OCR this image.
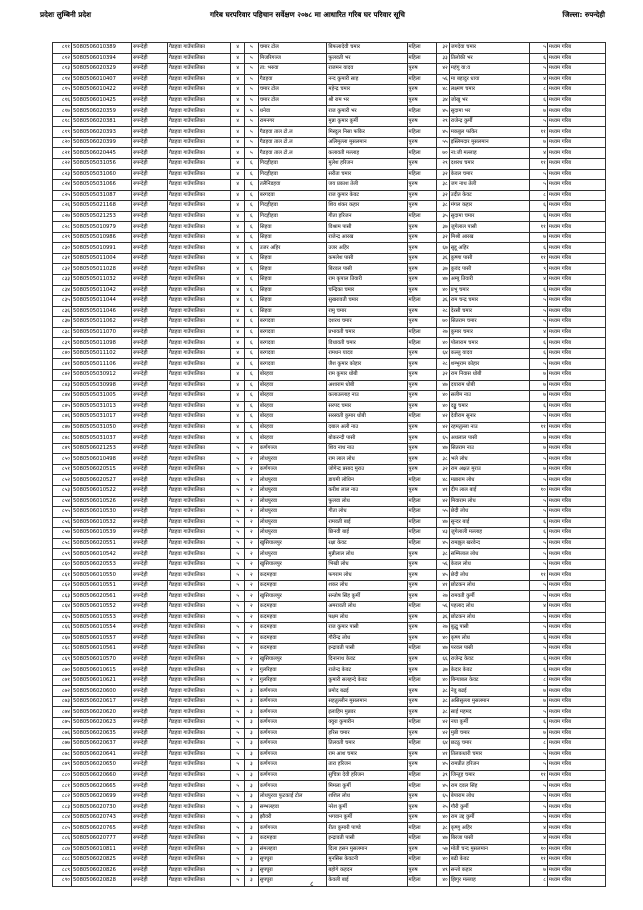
प्रदेशः लुम्बिनी प्रदेश	गरिब घरपरिवार पहिचान सर्वेक्षण २०७८ मा आधारित गरिब घर परिवार सूचि	जिल्ला: रुपन्देही
८११	5080506010389	रुपन्देही	गैडहवा गाउँपालिका	४	५	चमार टोल	बिफलादेवी चमार	महिला	३२	जगदेवा चमार	५	मध्यम गरिब
८१२	5080506010394	रुपन्देही	गैडहवा गाउँपालिका	४	५	मिजरिगञ्ज	फुलवती भर	महिला	३३	तिलोकी भर	६	मध्यम गरिब
८१३	5080506020329	रुपन्देही	गैडहवा गाउँपालिका	४	५	ता: भरुवा	राजमन यादव	पुरुष	४२	महंगु या:व	५	मध्यम गरिब
८१४	5080506010407	रुपन्देही	गैडहवा गाउँपालिका	४	५	गैडहवा	नन्द कुमारी साह	महिला	५६	मा बहादुर धाया	४	मध्यम गरिब
८१५	5080506010422	रुपन्देही	गैडहवा गाउँपालिका	४	५	चमार टोल	महेन्द्र चमार	पुरुष	४८	लक्ष्मण चमार	८	मध्यम गरिब
८१६	5080506010425	रुपन्देही	गैडहवा गाउँपालिका	४	५	चमार टोल	श्री राम भर	पुरुष	३४	जोखु भर	६	मध्यम गरिब
८१७	5080506020359	रुपन्देही	गैडहवा गाउँपालिका	४	५	धनेवा	राज कुमारी भर	महिला	४५	सुदामा भर	७	मध्यम गरिब
८१८	5080506020381	रुपन्देही	गैडहवा गाउँपालिका	४	५	रामनगर	मुन्ना कुमार कुर्मी	पुरुष	२९	राजेन्द्र कुर्मी	५	मध्यम गरिब
८१९	5080506020393	रुपन्देही	गैडहवा गाउँपालिका	४	५	गैडहवा ताल टो.ल	मिस्दुल निसा फकिर	महिला	४५	मकबुल फकिर	११	मध्यम गरिब
८२०	5080506020399	रुपन्देही	गैडहवा गाउँपालिका	४	५	गैडहवा ताल टो.ल	अलिमुल्ला मुसलमान	पुरुष	५५	इस्लिमदार मुसलमान	७	मध्यम गरिब
८२१	5080506020445	रुपन्देही	गैडहवा गाउँपालिका	४	५	गैडहवा ताल टो.ल	कलावती मल्लाह	महिला	७०	ना:जी मल्लाह	४	मध्यम गरिब
८२२	5080505031056	रुपन्देही	गैडहवा गाउँपालिका	४	६	गिदहीहवा	मुलेश हरिजन	पुरुष	२९	दशरथ चमार	११	मध्यम गरिब
८२३	5080505031060	रुपन्देही	गैडहवा गाउँपालिका	४	६	गिदहीहवा	सरीता चमार	महिला	३२	केवल चमार	५	मध्यम गरिब
८२४	5080505031066	रुपन्देही	गैडहवा गाउँपालिका	४	६	तलैनिडहवा	जय प्रकाश तेली	पुरुष	३८	जग नाथ तेली	५	मध्यम गरिब
८२५	5080505031087	रुपन्देही	गैडहवा गाउँपालिका	४	६	बरगदवा	राज कुमार केवट	पुरुष	३२	उदीत केवट	८	मध्यम गरिब
८२६	5080505021168	रुपन्देही	गैडहवा गाउँपालिका	४	६	गिदहीहवा	शिव शंकर कहार	पुरुष	३८	मंगल कहार	६	मध्यम गरिब
८२७	5080505021253	रुपन्देही	गैडहवा गाउँपालिका	४	६	गिदहीहवा	गीता हरिजन	महिला	३५	सुदामा चमार	६	मध्यम गरिब
८२८	5080505010979	रुपन्देही	गैडहवा गाउँपालिका	४	६	सिहवा	विश्राम पासी	पुरुष	३७	जुगेलाल पासी	११	मध्यम गरिब
८२९	5080505010986	रुपन्देही	गैडहवा गाउँपालिका	४	६	सिहवा	राजेन्द्र आरख	पुरुष	३२	मिश्री आरख	७	मध्यम गरिब
८३०	5080505010991	रुपन्देही	गैडहवा गाउँपालिका	४	६	उजर अहिर	उजर अहिर	पुरुष	६७	सुद्दू अहिर	६	मध्यम गरिब
८३१	5080505011004	रुपन्देही	गैडहवा गाउँपालिका	४	६	सिहवा	कमलेश पासी	पुरुष	३६	कुष्णा पासी	११	मध्यम गरिब
८३२	5080505011028	रुपन्देही	गैडहवा गाउँपालिका	४	६	सिहवा	बिरवल पासी	पुरुष	३७	कुवंद पासी	९	मध्यम गरिब
८३३	5080505011032	रुपन्देही	गैडहवा गाउँपालिका	४	६	सिहवा	राम कृपाल तिवारी	पुरुष	४७	अम्बु तिवारी	४	मध्यम गरिब
८३४	5080505011042	रुपन्देही	गैडहवा गाउँपालिका	४	६	सिहवा	चन्द्रिका चमार	पुरुष	४०	प्रभु चमार	६	मध्यम गरिब
८३५	5080505011044	रुपन्देही	गैडहवा गाउँपालिका	४	६	सिहवा	सुखरावती चमार	महिला	३६	राम चन्द्र चमार	५	मध्यम गरिब
८३६	5080505011046	रुपन्देही	गैडहवा गाउँपालिका	४	६	सिहवा	रामु चमार	पुरुष	२८	देरसी चमार	५	मध्यम गरिब
८३७	5080505011062	रुपन्देही	गैडहवा गाउँपालिका	४	६	बरगदवा	दशरथ चमार	पुरुष	७०	सितराम चमार	५	मध्यम गरिब
८३८	5080505011070	रुपन्देही	गैडहवा गाउँपालिका	४	६	बरगदवा	प्रभावती चमार	महिला	२७	कुमार चमार	४	मध्यम गरिब
८३९	5080505011098	रुपन्देही	गैडहवा गाउँपालिका	४	६	बरगदवा	विधावती चमार	महिला	४०	पोलाराम चमार	६	मध्यम गरिब
८४०	5080505011102	रुपन्देही	गैडहवा गाउँपालिका	४	६	बरगदवा	रामधन यादव	पुरुष	६४	कल्लु यादव	६	मध्यम गरिब
८४१	5080505011106	रुपन्देही	गैडहवा गाउँपालिका	४	६	बरगदवा	जैश कुमार कोहार	पुरुष	२८	शम्भुराम कोहार	५	मध्यम गरिब
८४२	5080505030912	रुपन्देही	गैडहवा गाउँपालिका	४	६	बोरहवा	राम कुमार धोबी	पुरुष	३२	राम निवास धोबी	७	मध्यम गरिब
८४३	5080505030998	रुपन्देही	गैडहवा गाउँपालिका	४	६	बोरहवा	अशाराम धोबी	पुरुष	४७	दयाराम धोबी	७	मध्यम गरिब
८४४	5080505031005	रुपन्देही	गैडहवा गाउँपालिका	४	६	बोरहवा	कलाउल्लाह नाउ	पुरुष	४०	सलीम नाउ	७	मध्यम गरिब
८४५	5080505031013	रुपन्देही	गैडहवा गाउँपालिका	४	६	बोरहवा	सरपद चमार	पुरुष	४०	दढ्ढु चमार	६	मध्यम गरिब
८४६	5080505031017	रुपन्देही	गैडहवा गाउँपालिका	४	६	बोरहवा	सरस्वती कुमार धोबी	महिला	४२	देवीराम सुनार	५	मध्यम गरिब
८४७	5080505031050	रुपन्देही	गैडहवा गाउँपालिका	४	६	बोरहवा	दबाल अली नाउ	पुरुष	४२	रहमतुल्ला नाउ	११	मध्यम गरिब
८४८	5080505031037	रुपन्देही	गैडहवा गाउँपालिका	४	६	बोरहवा	बोकरन्दी पासी	पुरुष	६५	अधलाल पासी	७	मध्यम गरिब
८४९	5080506021253	रुपन्देही	गैडहवा गाउँपालिका	५	२	कर्णगञ्ज	शिव नाथ नाउ	पुरुष	४७	सितराम नाउ	७	मध्यम गरिब
८५०	5080506010498	रुपन्देही	गैडहवा गाउँपालिका	५	२	लोधपुरवा	राम लाल लोध	पुरुष	३८	भले लोध	५	मध्यम गरिब
८५१	5080506020515	रुपन्देही	गैडहवा गाउँपालिका	५	२	कर्णगञ्ज	जोगेन्द्र प्रसाद मुराउ	पुरुष	३२	राम अक्षत मुराउ	७	मध्यम गरिब
८५२	5080506020527	रुपन्देही	गैडहवा गाउँपालिका	५	२	लोधपुरवा	डायमी लोधिन	महिला	४८	मन्नाराम लोध	५	मध्यम गरिब
८५३	5080506010522	रुपन्देही	गैडहवा गाउँपालिका	५	२	लोधपुरवा	करीश लाल नाउ	पुरुष	४१	दीप लाल बाई	१०	मध्यम गरिब
८५४	5080506010526	रुपन्देही	गैडहवा गाउँपालिका	५	२	लोधपुरवा	फुलवा लोध	महिला	४२	मिवाराम लोध	५	मध्यम गरिब
८५५	5080506010530	रुपन्देही	गैडहवा गाउँपालिका	५	२	लोधपुरवा	गीता लोध	महिला	५५	छेदी लोध	५	मध्यम गरिब
८५६	5080506010532	रुपन्देही	गैडहवा गाउँपालिका	५	२	लोधपुरवा	रामवती बाई	महिला	४७	सुन्दर बाई	६	मध्यम गरिब
८५७	5080506010539	रुपन्देही	गैडहवा गाउँपालिका	५	२	लोधपुरवा	छिनवी बाई	महिला	४३	जुगेलाली मल्लाह	६	मध्यम गरिब
८५८	5080506020551	रुपन्देही	गैडहवा गाउँपालिका	५	२	खुसियालपुर	रक्षा केवट	महिला	४५	रामझुल खरवेन्द	५	मध्यम गरिब
८५९	5080506010542	रुपन्देही	गैडहवा गाउँपालिका	५	२	लोधपुरवा	मुन्नीलाल लोध	पुरुष	३८	सम्मिलाल लोध	५	मध्यम गरिब
८६०	5080506020553	रुपन्देही	गैडहवा गाउँपालिका	५	२	खुसियालपुर	भिखी लोध	पुरुष	५६	केवल लोध	५	मध्यम गरिब
८६१	5080506010550	रुपन्देही	गैडहवा गाउँपालिका	५	२	कदमहवा	फगराम लोध	पुरुष	४५	छेदी लोध	११	मध्यम गरिब
८६२	5080506010551	रुपन्देही	गैडहवा गाउँपालिका	५	२	कदमहवा	शकर लोध	पुरुष	४१	छोटकन लोध	५	मध्यम गरिब
८६३	5080506020561	रुपन्देही	गैडहवा गाउँपालिका	५	२	खुसियालपुर	सन्तोष सिंह कुर्मी	पुरुष	२७	रामवती कुर्मी	५	मध्यम गरिब
८६४	5080506010552	रुपन्देही	गैडहवा गाउँपालिका	५	२	कदमहवा	अमरावती लोध	महिला	५६	पहलाद लोध	४	मध्यम गरिब
८६५	5080506010553	रुपन्देही	गैडहवा गाउँपालिका	५	२	कदमहवा	पक्षम लोध	पुरुष	३६	छोटकन लोध	५	मध्यम गरिब
८६६	5080506010554	रुपन्देही	गैडहवा गाउँपालिका	५	२	कदमहवा	राज कुमार पासी	पुरुष	२७	बुद्धु पासी	५	मध्यम गरिब
८६७	5080506010557	रुपन्देही	गैडहवा गाउँपालिका	५	२	कदमहवा	गौरीन्द्र लोध	पुरुष	४०	कृष्ण लोध	६	मध्यम गरिब
८६८	5080506010561	रुपन्देही	गैडहवा गाउँपालिका	५	२	कदमहवा	इन्द्रावती पासी	महिला	४७	परवल पासी	५	मध्यम गरिब
८६९	5080506010570	रुपन्देही	गैडहवा गाउँपालिका	५	२	खुसियालपुर	दिनानाथ केवट	पुरुष	६६	राजेन्द्र केवट	६	मध्यम गरिब
८७०	5080506010615	रुपन्देही	गैडहवा गाउँपालिका	५	२	गुलरिहवा	राजेन्द्र केवट	पुरुष	३७	केदार केवट	६	मध्यम गरिब
८७१	5080506010621	रुपन्देही	गैडहवा गाउँपालिका	५	२	गुलरिहवा	कुमारी सलहन्दे केवट	महिला	४०	बिन्याबल केवट	८	मध्यम गरिब
८७२	5080506020600	रुपन्देही	गैडहवा गाउँपालिका	५	३	कर्णगञ्ज	प्रमोद बढई	पुरुष	३८	नेवु बढई	७	मध्यम गरिब
८७३	5080506020617	रुपन्देही	गैडहवा गाउँपालिका	५	३	कर्णगञ्ज	सहतुल्लीन मुसलमान	पुरुष	३८	असिसुल्ला मुसलमान	७	मध्यम गरिब
८७४	5080506020620	रुपन्देही	गैडहवा गाउँपालिका	५	३	कर्णगञ्ज	इलाहिम मुन्नवर	पुरुष	३८	साई महमद	५	मध्यम गरिब
८७५	5080506020623	रुपन्देही	गैडहवा गाउँपालिका	५	३	कर्णगञ्ज	क्युरा कुमारीन	महिला	४२	नया कुर्मी	६	मध्यम गरिब
८७६	5080506020635	रुपन्देही	गैडहवा गाउँपालिका	५	३	कर्णगञ्ज	हरिस चमार	पुरुष	४२	मुन्नी चमार	७	मध्यम गरिब
८७७	5080506020637	रुपन्देही	गैडहवा गाउँपालिका	५	३	कर्णगञ्ज	तिलवती चमार	महिला	६४	छटठु चमार	८	मध्यम गरिब
८७८	5080506020641	रुपन्देही	गैडहवा गाउँपालिका	५	३	कर्णगञ्ज	राम आश चमार	पुरुष	४१	तिलकधारी चमार	५	मध्यम गरिब
८७९	5080506020650	रुपन्देही	गैडहवा गाउँपालिका	५	३	कर्णगञ्ज	तारा हरिजन	पुरुष	४५	रामप्रीत हरिजन	५	मध्यम गरिब
८८०	5080506020660	रुपन्देही	गैडहवा गाउँपालिका	५	३	कर्णगञ्ज	सुचित्रा देवी हरिजन	महिला	३९	जिन्तुह चमार	११	मध्यम गरिब
८८१	5080506020665	रुपन्देही	गैडहवा गाउँपालिका	५	३	कर्णगञ्ज	मिमला कुर्मी	महिला	४५	राम दवल सिंह	५	मध्यम गरिब
८८२	5080506020699	रुपन्देही	गैडहवा गाउँपालिका	५	३	लोधपुरवा फुटकाई टोल	शशिल लोध	पुरुष	६५	बेपाराम लोध	५	मध्यम गरिब
८८३	5080506020730	रुपन्देही	गैडहवा गाउँपालिका	५	३	सम्भलहवा	नरेश कुर्मी	पुरुष	२५	गौरी कुर्मी	५	मध्यम गरिब
८८४	5080506020743	रुपन्देही	गैडहवा गाउँपालिका	५	३	झौवरी	भगवान कुर्मी	पुरुष	४०	राम उद्द कुर्मी	५	मध्यम गरिब
८८५	5080506020765	रुपन्देही	गैडहवा गाउँपालिका	५	३	कर्णगञ्ज	रीता कुमारी पाण्डे	महिला	३८	कृष्णु अहिर	४	मध्यम गरिब
८८६	5080506020777	रुपन्देही	गैडहवा गाउँपालिका	५	३	कदमहवा	इन्द्रावती पासी	महिला	४७	बिरजा पासी	४	मध्यम गरिब
८८७	5080506010811	रुपन्देही	गैडहवा गाउँपालिका	५	३	संमलहवा	दिला हसन मुसलमान	पुरुष	५७	मोती चन्द मुसलमान	१०	मध्यम गरिब
८८८	5080506020825	रुपन्देही	गैडहवा गाउँपालिका	५	३	सुपघुरा	मुनसिस केवटनी	महिला	४०	बढी केवट	११	मध्यम गरिब
८८९	5080506020826	रुपन्देही	गैडहवा गाउँपालिका	५	३	सुपघुरा	बहोगे कहदन	पुरुष	४९	सन्तो कहार	७	मध्यम गरिब
८९०	5080506020828	रुपन्देही	गैडहवा गाउँपालिका	५	३	सुपघुरा	केवली बाई	महिला	४०	झिगुर मल्लाह	८	मध्यम गरिब
८
